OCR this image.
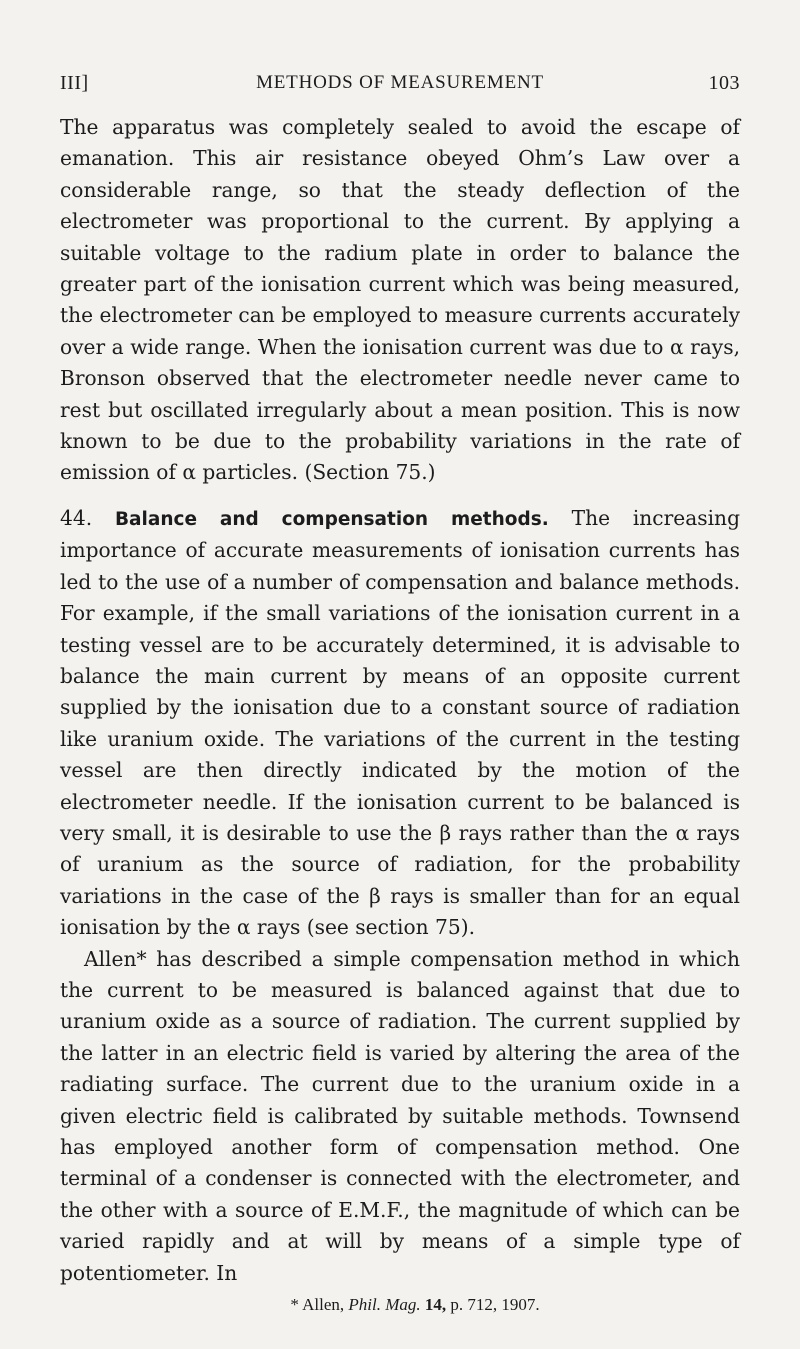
III]	METHODS OF MEASUREMENT	103

The apparatus was completely sealed to avoid the escape of emanation. This air resistance obeyed Ohm’s Law over a considerable range, so that the steady deflection of the electrometer was proportional to the current. By applying a suitable voltage to the radium plate in order to balance the greater part of the ionisation current which was being measured, the electrometer can be employed to measure currents accurately over a wide range. When the ionisation current was due to α rays, Bronson observed that the electrometer needle never came to rest but oscillated irregularly about a mean position. This is now known to be due to the probability variations in the rate of emission of α particles. (Section 75.)

44. Balance and compensation methods. The increasing importance of accurate measurements of ionisation currents has led to the use of a number of compensation and balance methods. For example, if the small variations of the ionisation current in a testing vessel are to be accurately determined, it is advisable to balance the main current by means of an opposite current supplied by the ionisation due to a constant source of radiation like uranium oxide. The variations of the current in the testing vessel are then directly indicated by the motion of the electrometer needle. If the ionisation current to be balanced is very small, it is desirable to use the β rays rather than the α rays of uranium as the source of radiation, for the probability variations in the case of the β rays is smaller than for an equal ionisation by the α rays (see section 75).

Allen* has described a simple compensation method in which the current to be measured is balanced against that due to uranium oxide as a source of radiation. The current supplied by the latter in an electric field is varied by altering the area of the radiating surface. The current due to the uranium oxide in a given electric field is calibrated by suitable methods. Townsend has employed another form of compensation method. One terminal of a condenser is connected with the electrometer, and the other with a source of E.M.F., the magnitude of which can be varied rapidly and at will by means of a simple type of potentiometer. In

* Allen, Phil. Mag. 14, p. 712, 1907.
